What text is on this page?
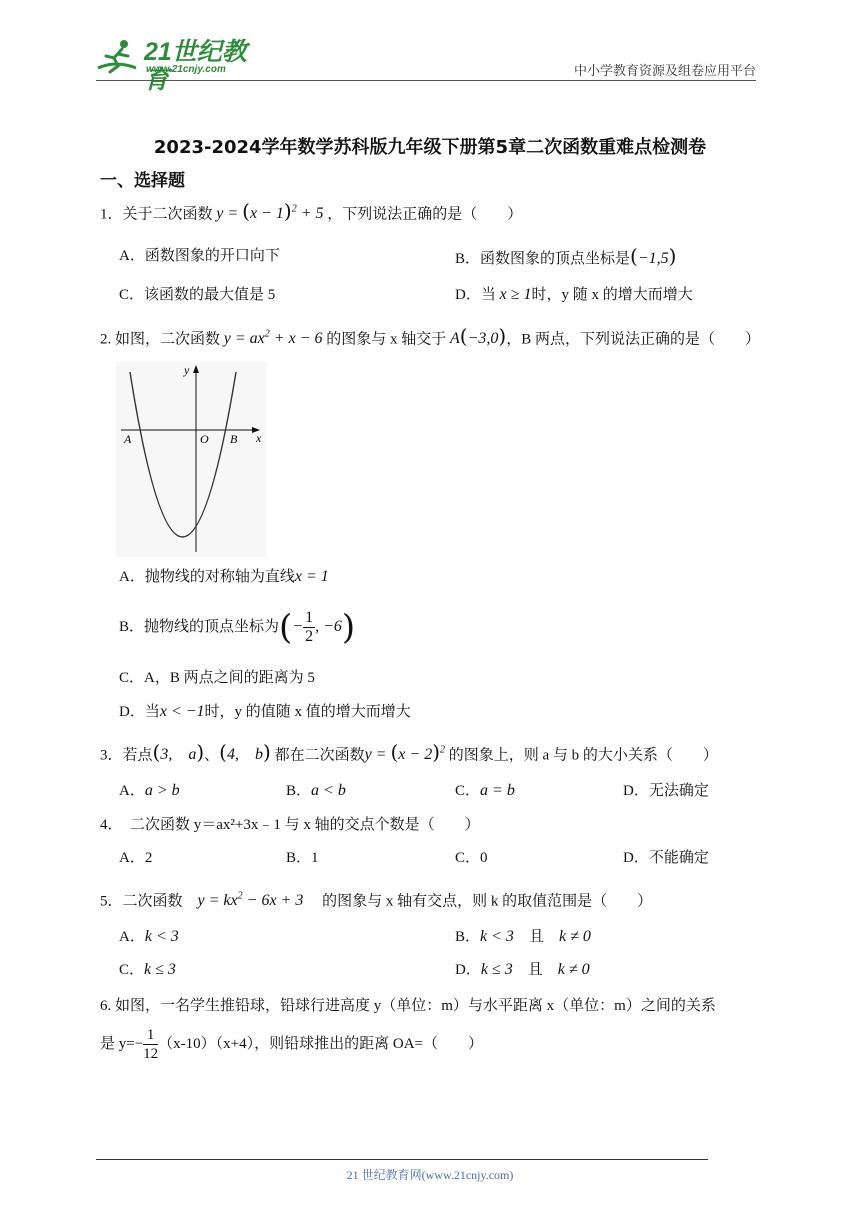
21世纪教育
www.21cnjy.com	中小学教育资源及组卷应用平台
2023-2024学年数学苏科版九年级下册第5章二次函数重难点检测卷
一、选择题
1．关于二次函数 $y = (x - 1)^2 + 5$ ，下列说法正确的是（　　）
A．函数图象的开口向下	B．函数图象的顶点坐标是(−1,5)
C．该函数的最大值是 5	D．当 x ≥ 1时，y 随 x 的增大而增大
2. 如图，二次函数 $y = ax^2 + x - 6$ 的图象与 x 轴交于 A(−3,0)，B 两点，下列说法正确的是（　　）
y
x
A	O B
A．抛物线的对称轴为直线x = 1
B．抛物线的顶点坐标为(− $\frac{1}{2}$ , −6)
C．A，B 两点之间的距离为 5
D．当x < −1时，y 的值随 x 值的增大而增大
3．若点(3,　a)、(4,　b) 都在二次函数$y = (x - 2)^2$ 的图象上，则 a 与 b 的大小关系（　　）
A．a > b	B．a < b	C．a = b	D．无法确定
4．　二次函数 y＝ax²+3x﹣1 与 x 轴的交点个数是（　　）
A．2	B．1	C．0	D．不能确定
5．二次函数　 $y = kx^2 - 6x + 3$　 的图象与 x 轴有交点，则 k 的取值范围是（　　）
A．k < 3	B．k < 3　 且　 k ≠ 0
C．k ≤ 3	D．k ≤ 3　 且　 k ≠ 0
6. 如图，一名学生推铅球，铅球行进高度 y（单位：m）与水平距离 x（单位：m）之间的关系
是 $y=- \frac{1}{12} (x-10)(x+4)$，则铅球推出的距离 OA=（　　）
21 世纪教育网(www.21cnjy.com)
